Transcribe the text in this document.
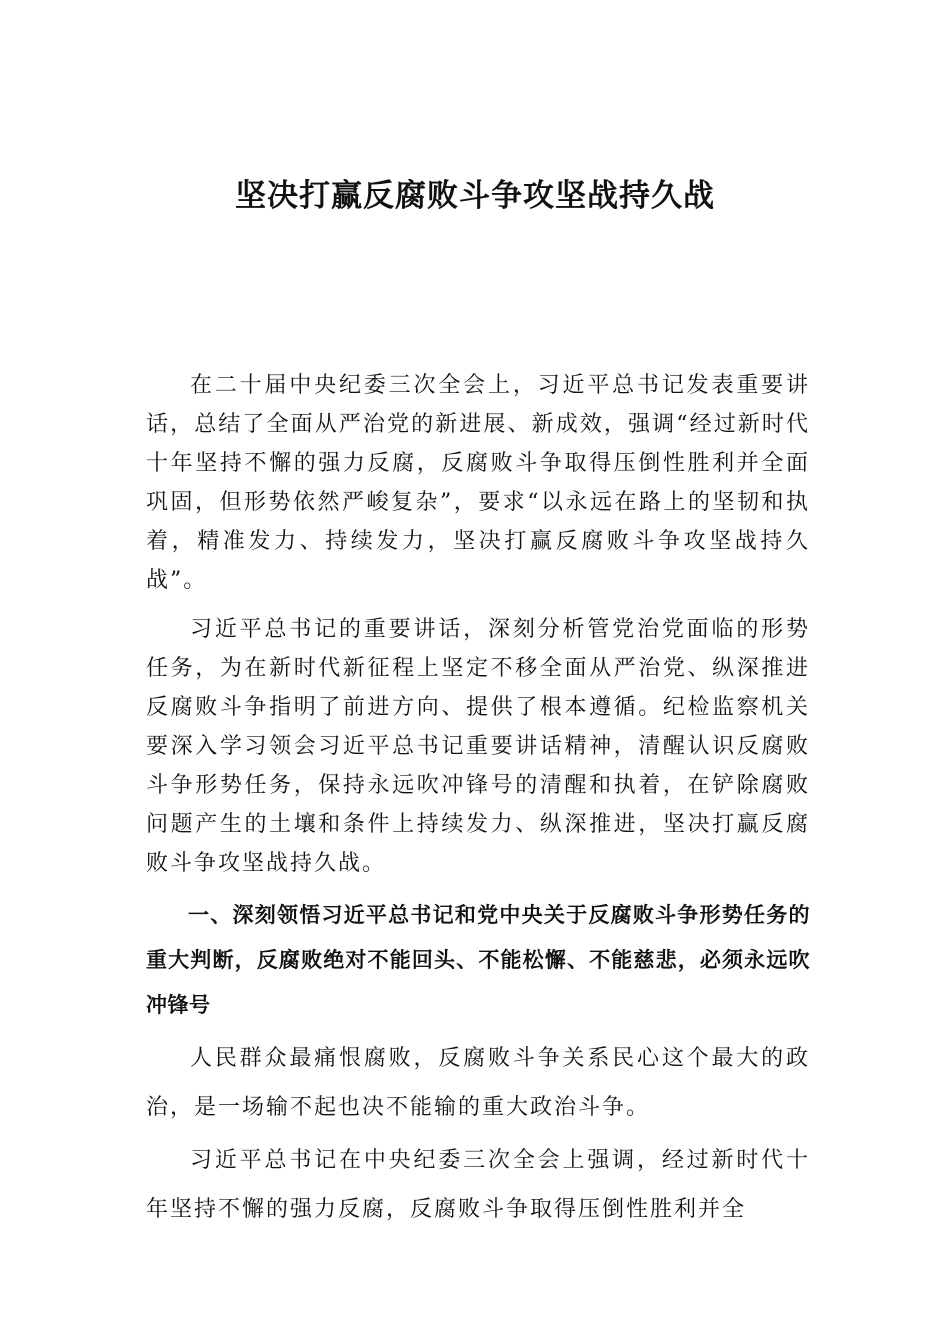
坚决打赢反腐败斗争攻坚战持久战

在二十届中央纪委三次全会上，习近平总书记发表重要讲话，总结了全面从严治党的新进展、新成效，强调“经过新时代十年坚持不懈的强力反腐，反腐败斗争取得压倒性胜利并全面巩固，但形势依然严峻复杂”，要求“以永远在路上的坚韧和执着，精准发力、持续发力，坚决打赢反腐败斗争攻坚战持久战”。

习近平总书记的重要讲话，深刻分析管党治党面临的形势任务，为在新时代新征程上坚定不移全面从严治党、纵深推进反腐败斗争指明了前进方向、提供了根本遵循。纪检监察机关要深入学习领会习近平总书记重要讲话精神，清醒认识反腐败斗争形势任务，保持永远吹冲锋号的清醒和执着，在铲除腐败问题产生的土壤和条件上持续发力、纵深推进，坚决打赢反腐败斗争攻坚战持久战。

一、深刻领悟习近平总书记和党中央关于反腐败斗争形势任务的重大判断，反腐败绝对不能回头、不能松懈、不能慈悲，必须永远吹冲锋号

人民群众最痛恨腐败，反腐败斗争关系民心这个最大的政治，是一场输不起也决不能输的重大政治斗争。

习近平总书记在中央纪委三次全会上强调，经过新时代十年坚持不懈的强力反腐，反腐败斗争取得压倒性胜利并全
